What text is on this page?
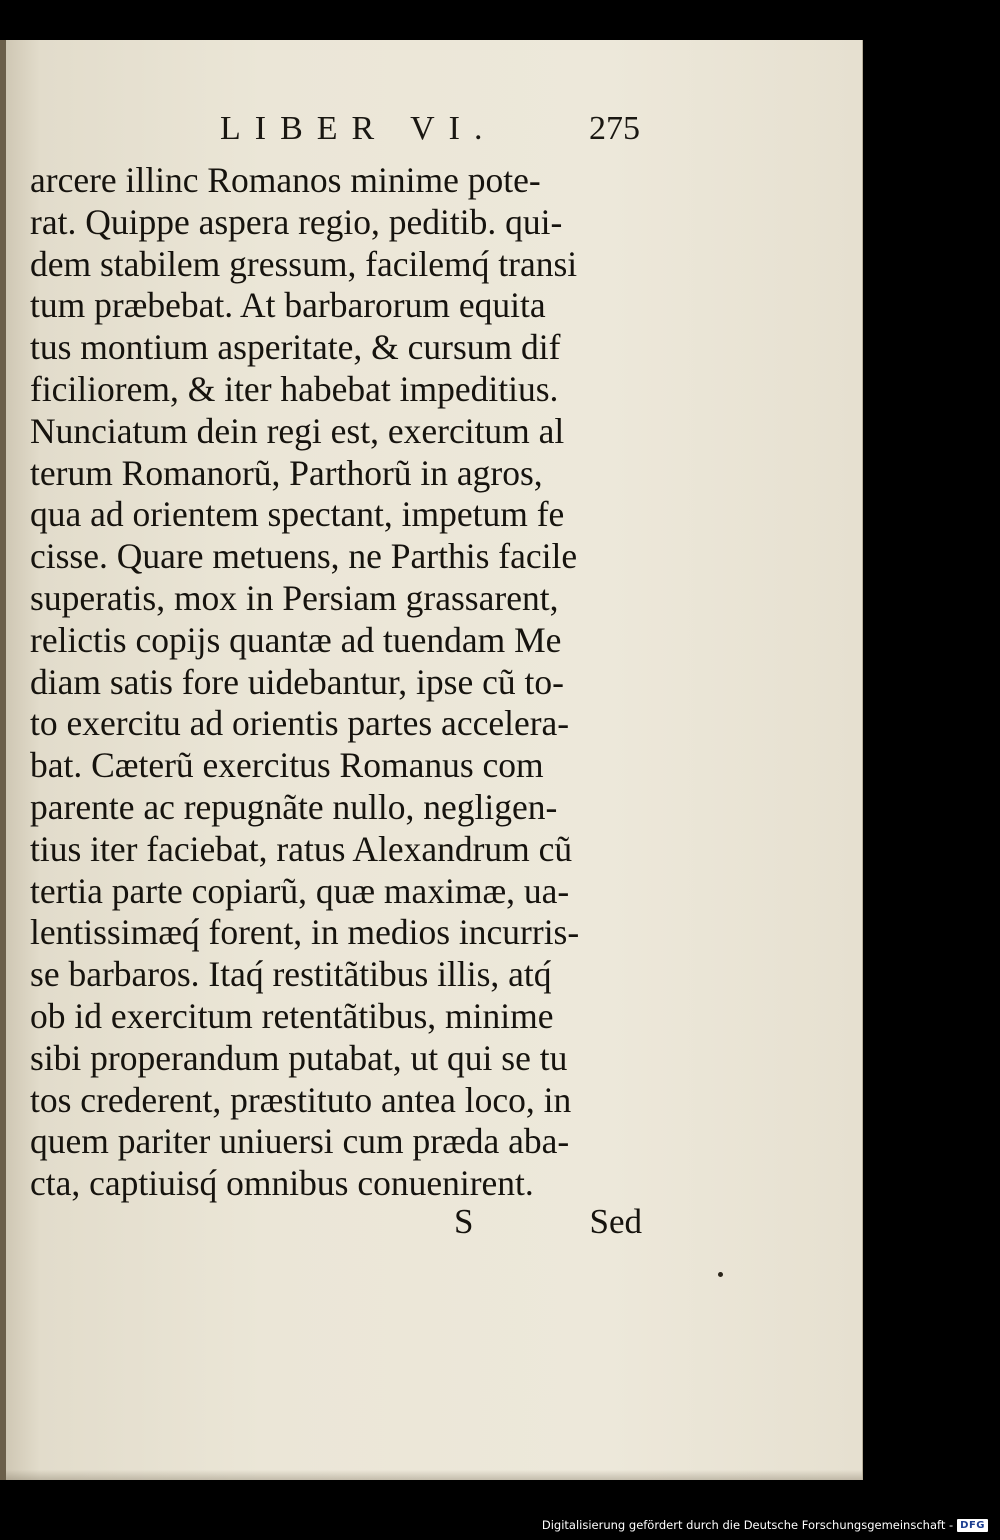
LIBER VI.	275
arcere illinc Romanos minime pote-
rat. Quippe aspera regio, peditib. qui-
dem stabilem gressum, facilemq́ transi
tum præbebat. At barbarorum equita
tus montium asperitate, & cursum dif
ficiliorem, & iter habebat impeditius.
Nunciatum dein regi est, exercitum al
terum Romanorũ, Parthorũ in agros,
qua ad orientem spectant, impetum fe
cisse. Quare metuens, ne Parthis facile
superatis, mox in Persiam grassarent,
relictis copijs quantæ ad tuendam Me
diam satis fore uidebantur, ipse cũ to-
to exercitu ad orientis partes accelera-
bat. Cæterũ exercitus Romanus com
parente ac repugnãte nullo, negligen-
tius iter faciebat, ratus Alexandrum cũ
tertia parte copiarũ, quæ maximæ, ua-
lentissimæq́ forent, in medios incurris-
se barbaros. Itaq́ restitãtibus illis, atq́
ob id exercitum retentãtibus, minime
sibi properandum putabat, ut qui se tu
tos crederent, præstituto antea loco, in
quem pariter uniuersi cum præda aba-
cta, captiuisq́ omnibus conuenirent.
S	Sed
Digitalisierung gefördert durch die Deutsche Forschungsgemeinschaft - DFG
